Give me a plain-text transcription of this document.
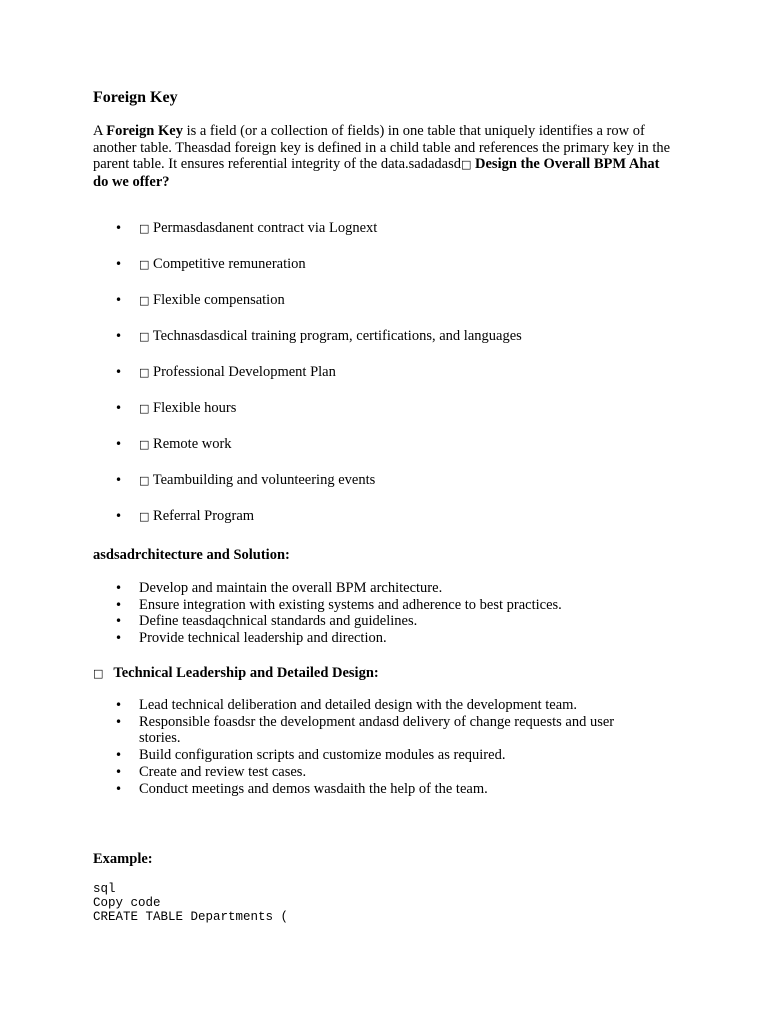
Foreign Key

A Foreign Key is a field (or a collection of fields) in one table that uniquely identifies a row of another table. Theasdad foreign key is defined in a child table and references the primary key in the parent table. It ensures referential integrity of the data.sadadasd□ Design the Overall BPM Ahat do we offer?

• □ Permasdasdanent contract via Lognext
• □ Competitive remuneration
• □ Flexible compensation
• □ Technasdasdical training program, certifications, and languages
• □ Professional Development Plan
• □ Flexible hours
• □ Remote work
• □ Teambuilding and volunteering events
• □ Referral Program
asdsadrchitecture and Solution:
• Develop and maintain the overall BPM architecture.
• Ensure integration with existing systems and adherence to best practices.
• Define teasdaqchnical standards and guidelines.
• Provide technical leadership and direction.
□ Technical Leadership and Detailed Design:
• Lead technical deliberation and detailed design with the development team.
• Responsible foasdsr the development andasd delivery of change requests and user stories.
• Build configuration scripts and customize modules as required.
• Create and review test cases.
• Conduct meetings and demos wasdaith the help of the team.
Example:
sql
Copy code
CREATE TABLE Departments (
